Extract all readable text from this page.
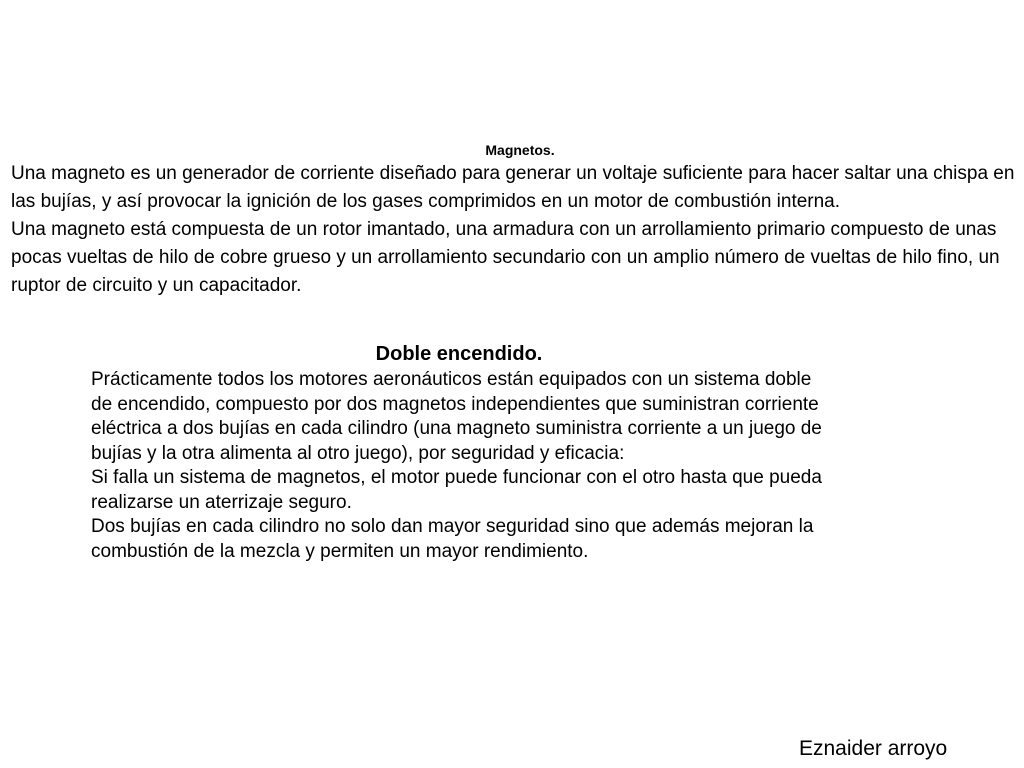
Magnetos.

Una magneto es un generador de corriente diseñado para generar un voltaje suficiente para hacer saltar una chispa en las bujías, y así provocar la ignición de los gases comprimidos en un motor de combustión interna.

Una magneto está compuesta de un rotor imantado, una armadura con un arrollamiento primario compuesto de unas pocas vueltas de hilo de cobre grueso y un arrollamiento secundario con un amplio número de vueltas de hilo fino, un ruptor de circuito y un capacitador.

Doble encendido.

Prácticamente todos los motores aeronáuticos están equipados con un sistema doble de encendido, compuesto por dos magnetos independientes que suministran corriente eléctrica a dos bujías en cada cilindro (una magneto suministra corriente a un juego de bujías y la otra alimenta al otro juego), por seguridad y eficacia:

Si falla un sistema de magnetos, el motor puede funcionar con el otro hasta que pueda realizarse un aterrizaje seguro.

Dos bujías en cada cilindro no solo dan mayor seguridad sino que además mejoran la combustión de la mezcla y permiten un mayor rendimiento.

Eznaider arroyo
